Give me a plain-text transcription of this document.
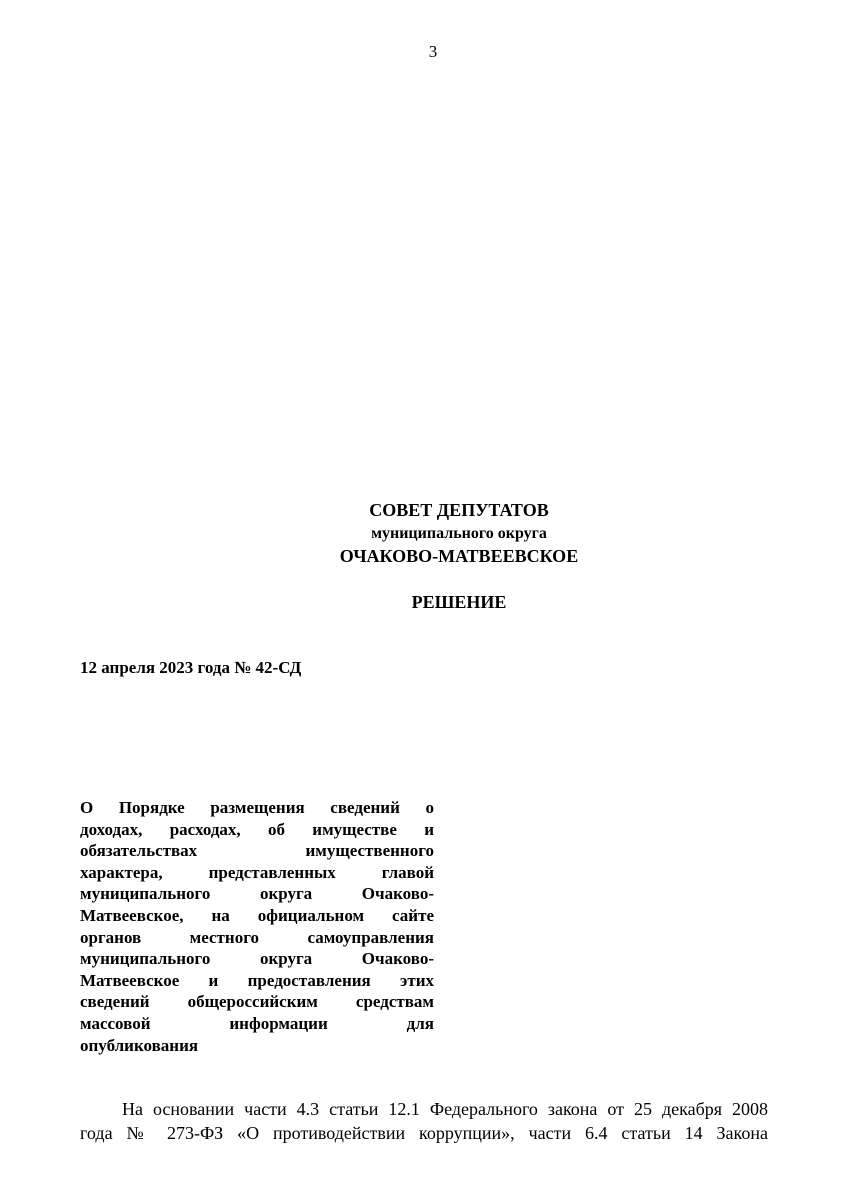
3
СОВЕТ ДЕПУТАТОВ
муниципального округа
ОЧАКОВО-МАТВЕЕВСКОЕ
РЕШЕНИЕ
12 апреля 2023 года № 42-СД
О Порядке размещения сведений о
доходах, расходах, об имуществе и
обязательствах имущественного
характера, представленных главой
муниципального округа Очаково-
Матвеевское, на официальном сайте
органов местного самоуправления
муниципального округа Очаково-
Матвеевское и предоставления этих
сведений общероссийским средствам
массовой информации для
опубликования
На основании части 4.3 статьи 12.1 Федерального закона от 25 декабря 2008
года № 273-ФЗ «О противодействии коррупции», части 6.4 статьи 14 Закона
